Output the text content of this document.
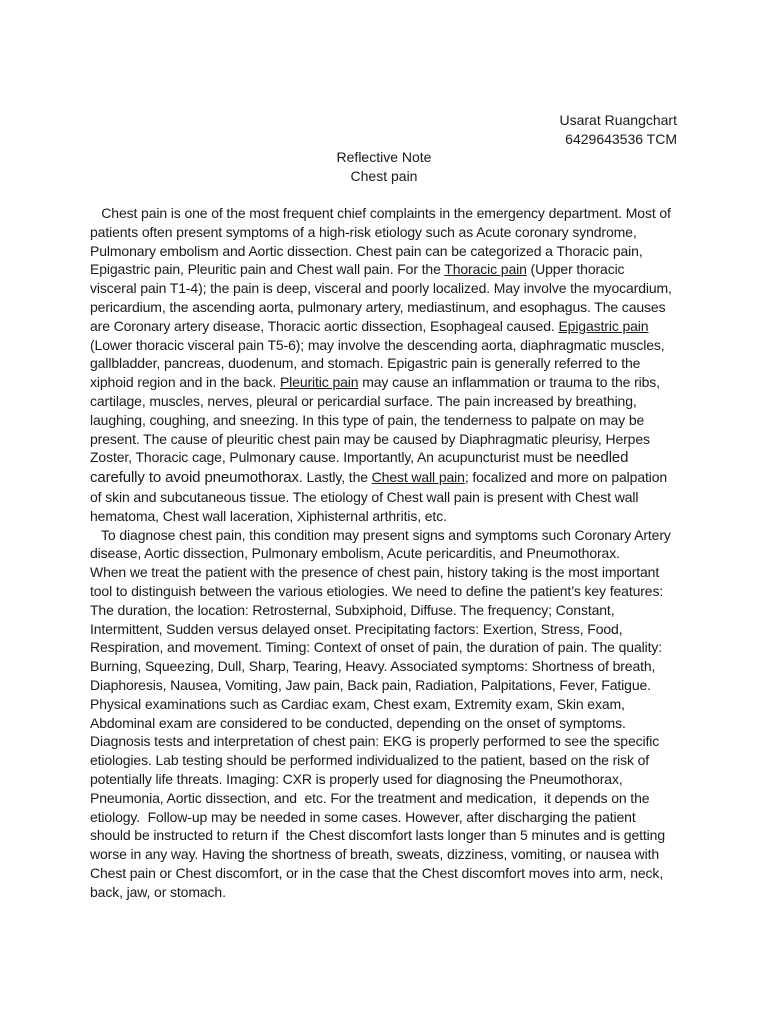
Usarat Ruangchart
6429643536 TCM
Reflective Note
Chest pain
Chest pain is one of the most frequent chief complaints in the emergency department. Most of
patients often present symptoms of a high-risk etiology such as Acute coronary syndrome,
Pulmonary embolism and Aortic dissection. Chest pain can be categorized a Thoracic pain,
Epigastric pain, Pleuritic pain and Chest wall pain. For the Thoracic pain (Upper thoracic
visceral pain T1-4); the pain is deep, visceral and poorly localized. May involve the myocardium,
pericardium, the ascending aorta, pulmonary artery, mediastinum, and esophagus. The causes
are Coronary artery disease, Thoracic aortic dissection, Esophageal caused. Epigastric pain
(Lower thoracic visceral pain T5-6); may involve the descending aorta, diaphragmatic muscles,
gallbladder, pancreas, duodenum, and stomach. Epigastric pain is generally referred to the
xiphoid region and in the back. Pleuritic pain may cause an inflammation or trauma to the ribs,
cartilage, muscles, nerves, pleural or pericardial surface. The pain increased by breathing,
laughing, coughing, and sneezing. In this type of pain, the tenderness to palpate on may be
present. The cause of pleuritic chest pain may be caused by Diaphragmatic pleurisy, Herpes
Zoster, Thoracic cage, Pulmonary cause. Importantly, An acupuncturist must be needled
carefully to avoid pneumothorax. Lastly, the Chest wall pain; focalized and more on palpation
of skin and subcutaneous tissue. The etiology of Chest wall pain is present with Chest wall
hematoma, Chest wall laceration, Xiphisternal arthritis, etc.
To diagnose chest pain, this condition may present signs and symptoms such Coronary Artery
disease, Aortic dissection, Pulmonary embolism, Acute pericarditis, and Pneumothorax.
When we treat the patient with the presence of chest pain, history taking is the most important
tool to distinguish between the various etiologies. We need to define the patient’s key features:
The duration, the location: Retrosternal, Subxiphoid, Diffuse. The frequency; Constant,
Intermittent, Sudden versus delayed onset. Precipitating factors: Exertion, Stress, Food,
Respiration, and movement. Timing: Context of onset of pain, the duration of pain. The quality:
Burning, Squeezing, Dull, Sharp, Tearing, Heavy. Associated symptoms: Shortness of breath,
Diaphoresis, Nausea, Vomiting, Jaw pain, Back pain, Radiation, Palpitations, Fever, Fatigue.
Physical examinations such as Cardiac exam, Chest exam, Extremity exam, Skin exam,
Abdominal exam are considered to be conducted, depending on the onset of symptoms.
Diagnosis tests and interpretation of chest pain: EKG is properly performed to see the specific
etiologies. Lab testing should be performed individualized to the patient, based on the risk of
potentially life threats. Imaging: CXR is properly used for diagnosing the Pneumothorax,
Pneumonia, Aortic dissection, and  etc. For the treatment and medication,  it depends on the
etiology.  Follow-up may be needed in some cases. However, after discharging the patient
should be instructed to return if  the Chest discomfort lasts longer than 5 minutes and is getting
worse in any way. Having the shortness of breath, sweats, dizziness, vomiting, or nausea with
Chest pain or Chest discomfort, or in the case that the Chest discomfort moves into arm, neck,
back, jaw, or stomach.
